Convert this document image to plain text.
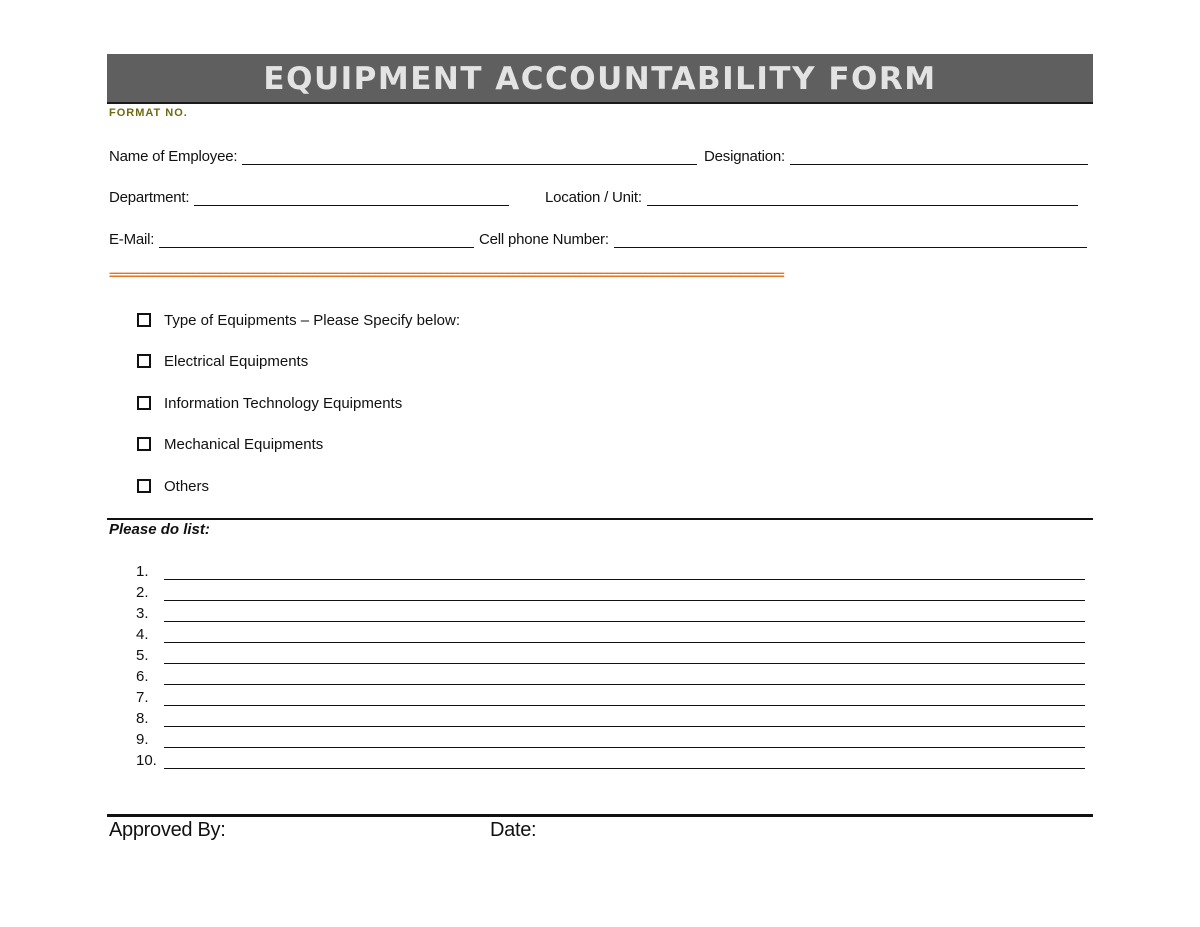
EQUIPMENT ACCOUNTABILITY FORM
FORMAT NO.
Name of Employee:	Designation:
Department:	Location / Unit:
E-Mail:	Cell phone Number:
==========================================================================================================================
Type of Equipments – Please Specify below:
Electrical Equipments
Information Technology Equipments
Mechanical Equipments
Others
Please do list:
1.
2.
3.
4.
5.
6.
7.
8.
9.
10.
Approved By:	Date:
